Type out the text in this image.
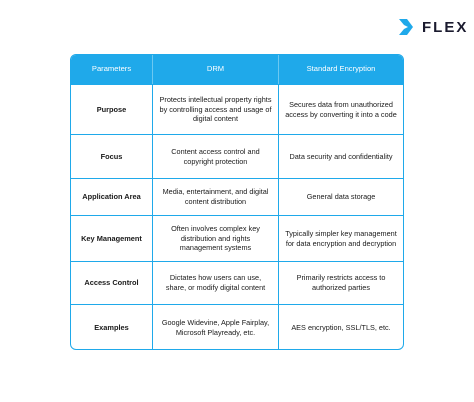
FLEX
Parameters	DRM	Standard Encryption
Purpose
Protects intellectual property rights by controlling access and usage of digital content
Secures data from unauthorized access by converting it into a code
Focus
Content access control and copyright protection
Data security and confidentiality
Application Area
Media, entertainment, and digital content distribution
General data storage
Key Management
Often involves complex key distribution and rights management systems
Typically simpler key management for data encryption and decryption
Access Control
Dictates how users can use, share, or modify digital content
Primarily restricts access to authorized parties
Examples
Google Widevine, Apple Fairplay, Microsoft Playready, etc.
AES encryption, SSL/TLS, etc.
